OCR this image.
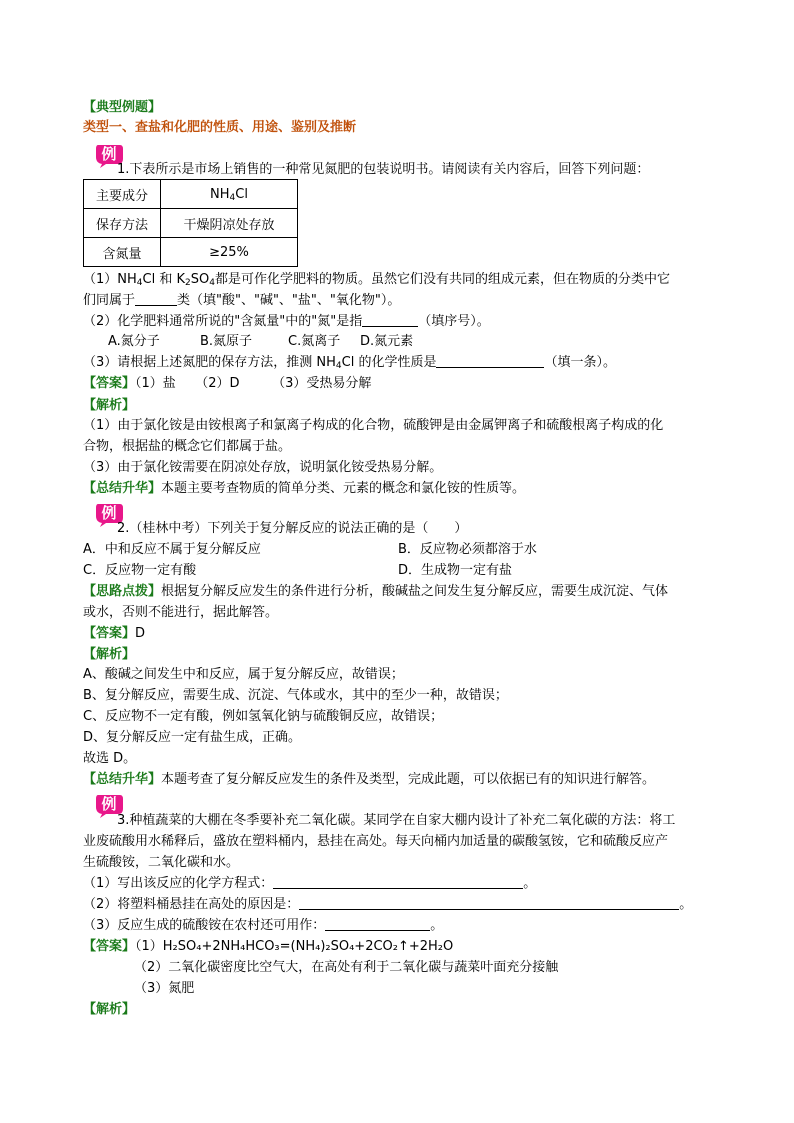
【典型例题】
类型一、查盐和化肥的性质、用途、鉴别及推断
例
1.下表所示是市场上销售的一种常见氮肥的包装说明书。请阅读有关内容后，回答下列问题：
主要成分	$NH_4Cl$
保存方法	干燥阴凉处存放
含氮量	≥25%
$(1)NH_4Cl$ 和 $K_2SO_4$都是可作化学肥料的物质。虽然它们没有共同的组成元素，但在物质的分类中它
们同属于	类（填"酸"、"碱"、"盐"、"氧化物"）。
（2）化学肥料通常所说的"含氮量"中的"氮"是指	（填序号）。
A.氮分子	B.氮原子	C.氮离子 D.氮元素
（3）请根据上述氮肥的保存方法，推测 $NH_4Cl$ 的化学性质是	（填一条）。
【答案】（1）盐　　（2）D　　　（3）受热易分解
【解析】
（1）由于氯化铵是由铵根离子和氯离子构成的化合物，硫酸钾是由金属钾离子和硫酸根离子构成的化
合物，根据盐的概念它们都属于盐。
（3）由于氯化铵需要在阴凉处存放，说明氯化铵受热易分解。
【总结升华】本题主要考查物质的简单分类、元素的概念和氯化铵的性质等。
例
2.（桂林中考）下列关于复分解反应的说法正确的是（　　）
A．中和反应不属于复分解反应	B．反应物必须都溶于水
C．反应物一定有酸	D．生成物一定有盐
【思路点拨】根据复分解反应发生的条件进行分析，酸碱盐之间发生复分解反应，需要生成沉淀、气体
或水，否则不能进行，据此解答。
【答案】D
【解析】
A、酸碱之间发生中和反应，属于复分解反应，故错误；
B、复分解反应，需要生成、沉淀、气体或水，其中的至少一种，故错误；
C、反应物不一定有酸，例如氢氧化钠与硫酸铜反应，故错误；
D、复分解反应一定有盐生成，正确。
故选 D。
【总结升华】本题考查了复分解反应发生的条件及类型，完成此题，可以依据已有的知识进行解答。
例
3.种植蔬菜的大棚在冬季要补充二氧化碳。某同学在自家大棚内设计了补充二氧化碳的方法：将工
业废硫酸用水稀释后，盛放在塑料桶内，悬挂在高处。每天向桶内加适量的碳酸氢铵，它和硫酸反应产
生硫酸铵，二氧化碳和水。
（1）写出该反应的化学方程式：	。
（2）将塑料桶悬挂在高处的原因是：	。
（3）反应生成的硫酸铵在农村还可用作：	。
【答案】（1）H₂SO₄+2NH₄HCO₃=(NH₄)₂SO₄+2CO₂↑+2H₂O
（2）二氧化碳密度比空气大，在高处有利于二氧化碳与蔬菜叶面充分接触
（3）氮肥
【解析】
